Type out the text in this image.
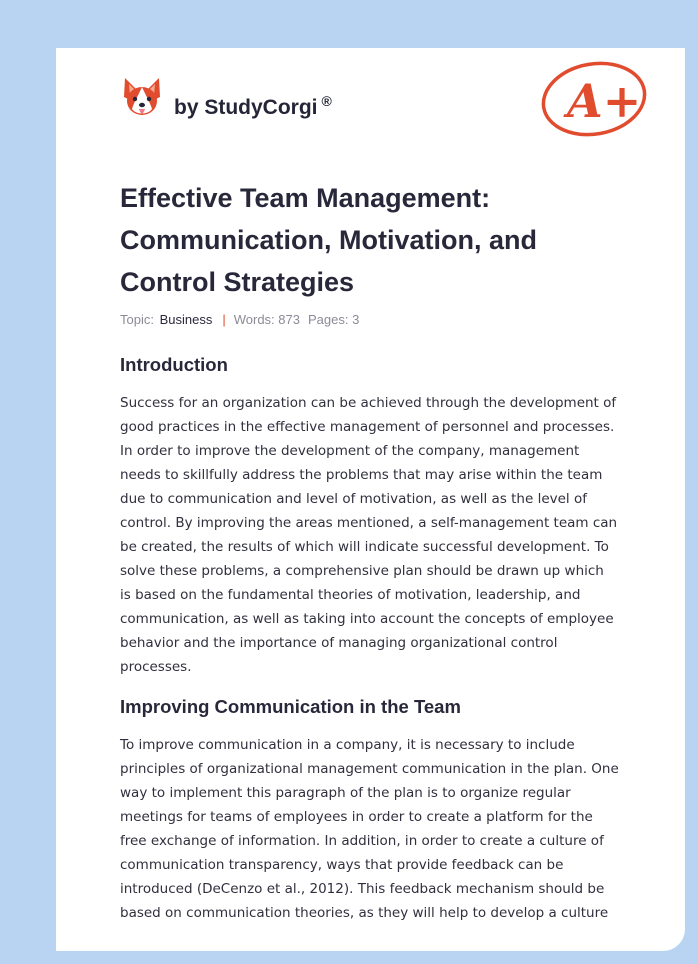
by StudyCorgi ®	A+
Effective Team Management: Communication, Motivation, and Control Strategies
Topic: Business | Words: 873 Pages: 3
Introduction

Success for an organization can be achieved through the development of
good practices in the effective management of personnel and processes.
In order to improve the development of the company, management
needs to skillfully address the problems that may arise within the team
due to communication and level of motivation, as well as the level of
control. By improving the areas mentioned, a self-management team can
be created, the results of which will indicate successful development. To
solve these problems, a comprehensive plan should be drawn up which
is based on the fundamental theories of motivation, leadership, and
communication, as well as taking into account the concepts of employee
behavior and the importance of managing organizational control
processes.

Improving Communication in the Team

To improve communication in a company, it is necessary to include
principles of organizational management communication in the plan. One
way to implement this paragraph of the plan is to organize regular
meetings for teams of employees in order to create a platform for the
free exchange of information. In addition, in order to create a culture of
communication transparency, ways that provide feedback can be
introduced (DeCenzo et al., 2012). This feedback mechanism should be
based on communication theories, as they will help to develop a culture
